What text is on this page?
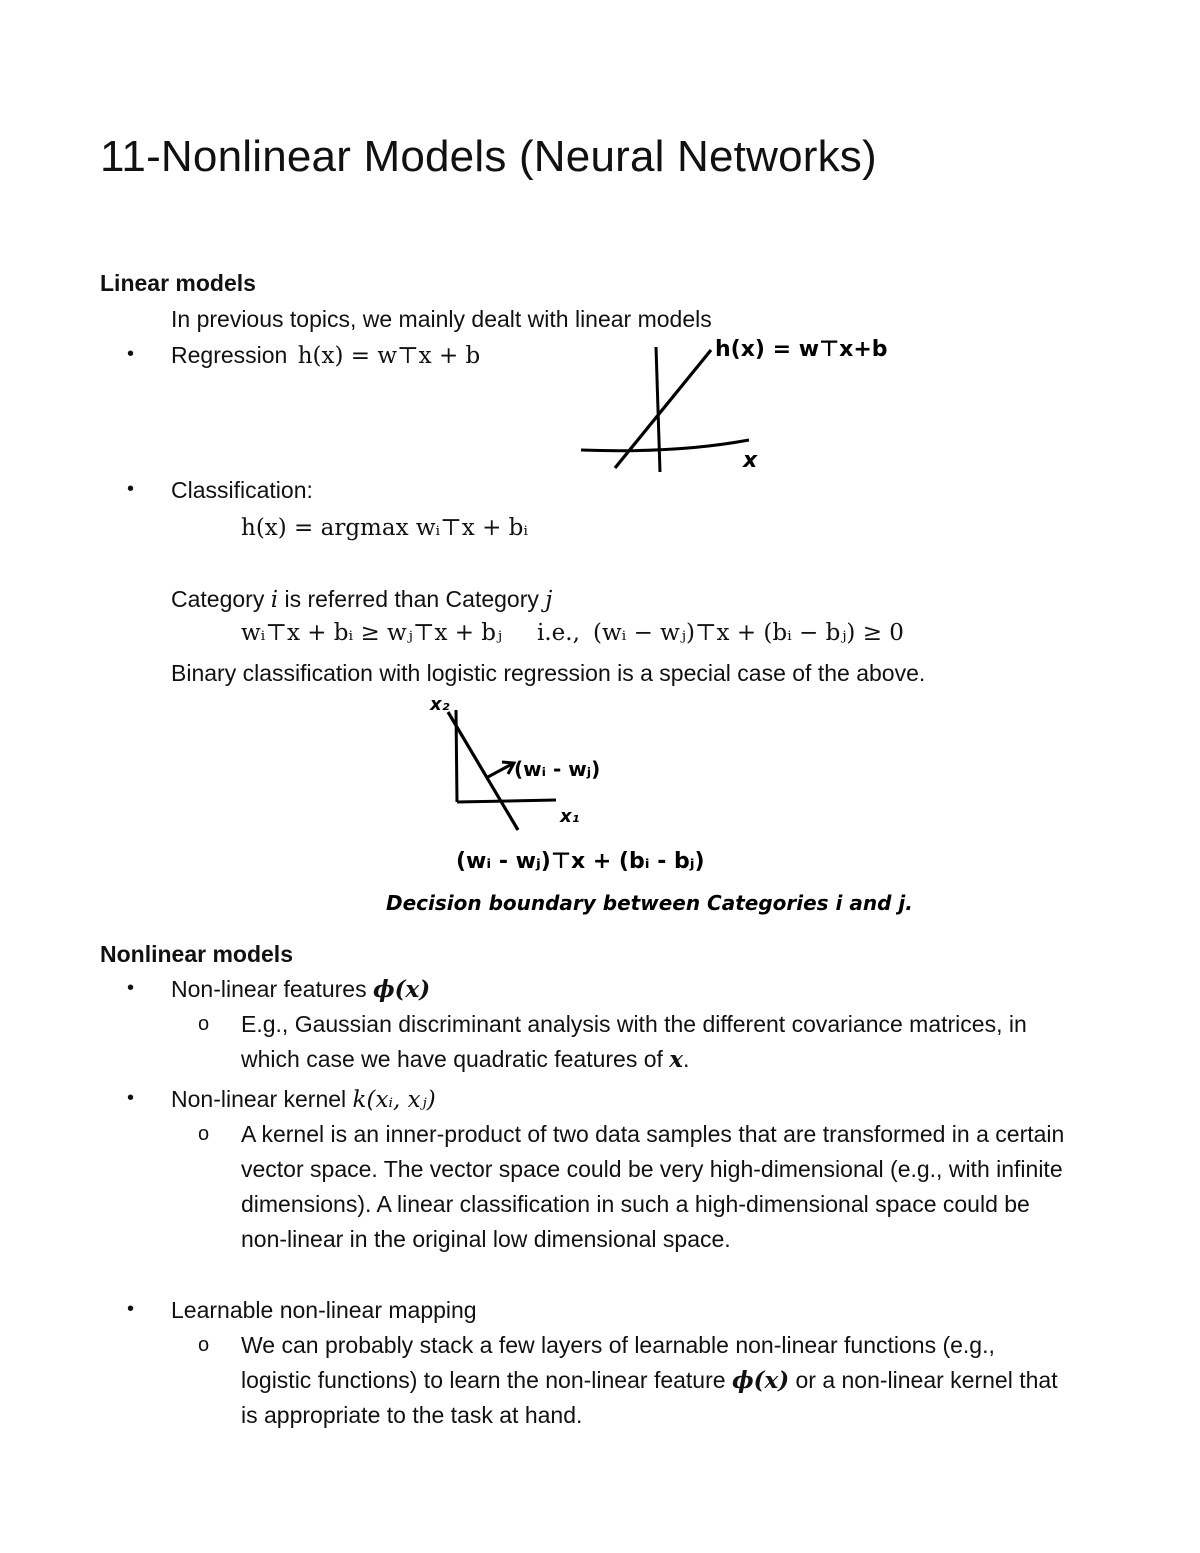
11-Nonlinear Models (Neural Networks)
Linear models
In previous topics, we mainly dealt with linear models
• Regression h(x) = w⊤x + b	h(x) = w⊤x+b
x
• Classification:
h(x) = argmax wᵢ⊤x + bᵢ
Category i is referred than Category j
wᵢ⊤x + bᵢ ≥ wⱼ⊤x + bⱼ i.e., (wᵢ − wⱼ)⊤x + (bᵢ − bⱼ) ≥ 0
Binary classification with logistic regression is a special case of the above.
x₂
x₁
(wᵢ - wⱼ)
(wᵢ - wⱼ)⊤x + (bᵢ - bⱼ)
Decision boundary between Categories i and j.
Nonlinear models
• Non-linear features ϕ(x)
o E.g., Gaussian discriminant analysis with the different covariance matrices, in which case we have quadratic features of x.
• Non-linear kernel k(xᵢ, xⱼ)
o A kernel is an inner-product of two data samples that are transformed in a certain vector space. The vector space could be very high-dimensional (e.g., with infinite dimensions). A linear classification in such a high-dimensional space could be non-linear in the original low dimensional space.
• Learnable non-linear mapping
o We can probably stack a few layers of learnable non-linear functions (e.g., logistic functions) to learn the non-linear feature ϕ(x) or a non-linear kernel that is appropriate to the task at hand.
